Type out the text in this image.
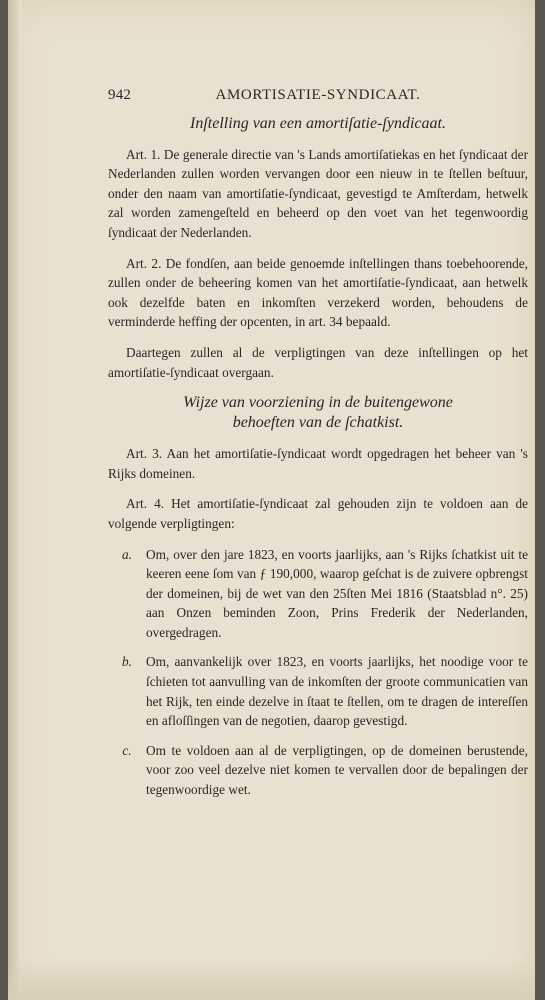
942	AMORTISATIE-SYNDICAAT.
Inſtelling van een amortiſatie-ſyndicaat.

Art. 1. De generale directie van 's Lands amortiſatiekas en het ſyndicaat der Nederlanden zullen worden vervangen door een nieuw in te ſtellen beſtuur, onder den naam van amortiſatie-ſyndicaat, gevestigd te Amſterdam, hetwelk zal worden zamengeſteld en beheerd op den voet van het tegenwoordig ſyndicaat der Nederlanden.

Art. 2. De fondſen, aan beide genoemde inſtellingen thans toebehoorende, zullen onder de beheering komen van het amortiſatie-ſyndicaat, aan hetwelk ook dezelfde baten en inkomſten verzekerd worden, behoudens de verminderde heffing der opcenten, in art. 34 bepaald.

Daartegen zullen al de verpligtingen van deze inſtellingen op het amortiſatie-ſyndicaat overgaan.

Wijze van voorziening in de buitengewone
behoeften van de ſchatkist.

Art. 3. Aan het amortiſatie-ſyndicaat wordt opgedragen het beheer van 's Rijks domeinen.

Art. 4. Het amortiſatie-ſyndicaat zal gehouden zijn te voldoen aan de volgende verpligtingen:

a.	Om, over den jare 1823, en voorts jaarlijks, aan 's Rijks ſchatkist uit te keeren eene ſom van ƒ 190,000, waarop geſchat is de zuivere opbrengst der domeinen, bij de wet van den 25ſten Mei 1816 (Staatsblad n°. 25) aan Onzen beminden Zoon, Prins Frederik der Nederlanden, overgedragen.
b.	Om, aanvankelijk over 1823, en voorts jaarlijks, het noodige voor te ſchieten tot aanvulling van de inkomſten der groote communicatien van het Rijk, ten einde dezelve in ſtaat te ſtellen, om te dragen de intereſſen en afloſſingen van de negotien, daarop gevestigd.
c.	Om te voldoen aan al de verpligtingen, op de domeinen berustende, voor zoo veel dezelve niet komen te vervallen door de bepalingen der tegenwoordige wet.
